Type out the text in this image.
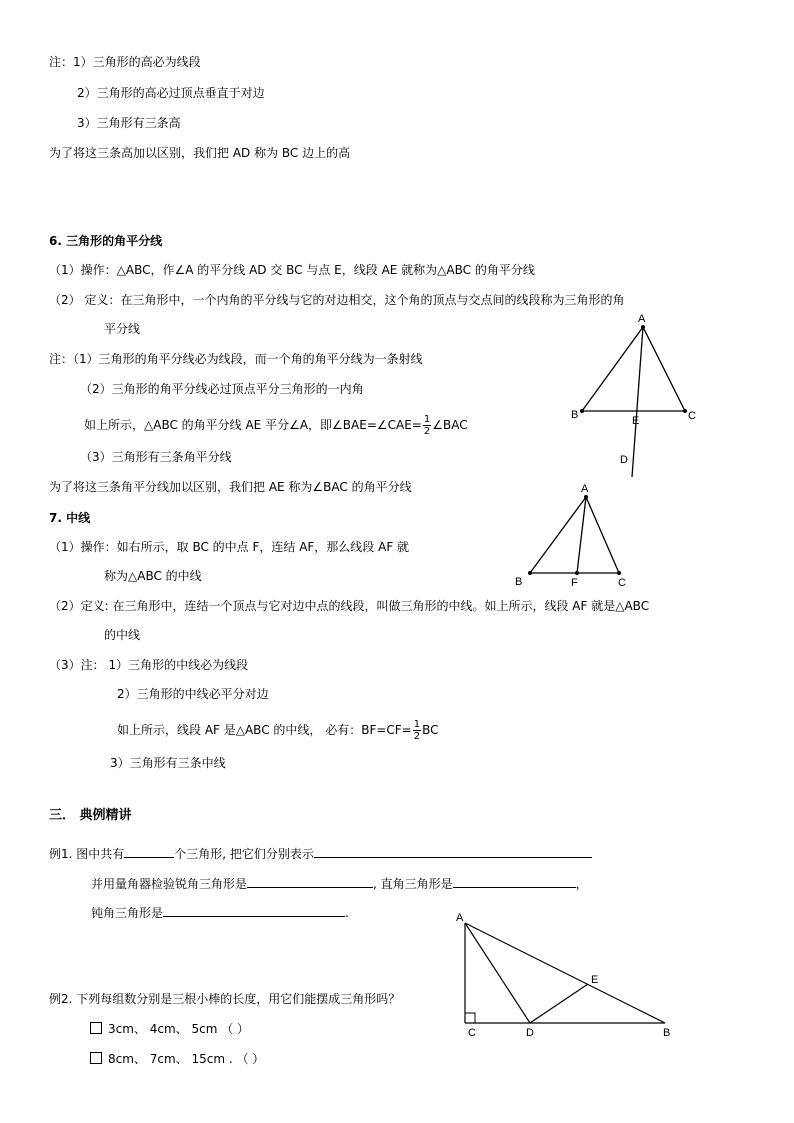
注：1）三角形的高必为线段
2）三角形的高必过顶点垂直于对边
3）三角形有三条高
为了将这三条高加以区别，我们把 AD 称为 BC 边上的高
6. 三角形的角平分线
（1）操作：△ABC，作∠A 的平分线 AD 交 BC 与点 E，线段 AE 就称为△ABC 的角平分线
（2） 定义：在三角形中，一个内角的平分线与它的对边相交，这个角的顶点与交点间的线段称为三角形的角
平分线
注：（1）三角形的角平分线必为线段，而一个角的角平分线为一条射线
（2）三角形的角平分线必过顶点平分三角形的一内角
如上所示，△ABC 的角平分线 AE 平分∠A，即∠BAE=∠CAE= $\frac{1}{2}$ ∠BAC
（3）三角形有三条角平分线
为了将这三条角平分线加以区别，我们把 AE 称为∠BAC 的角平分线
A
B	C
E
D
7. 中线
（1）操作：如右所示，取 BC 的中点 F，连结 AF，那么线段 AF 就
称为△ABC 的中线
（2）定义: 在三角形中，连结一个顶点与它对边中点的线段，叫做三角形的中线。如上所示，线段 AF 就是△ABC
的中线
（3）注： 1）三角形的中线必为线段
2）三角形的中线必平分对边
如上所示，线段 AF 是△ABC 的中线， 必有：$BF=CF= \frac{1}{2}$ BC
3）三角形有三条中线
A
B	F	C
三． 典例精讲
例1. 图中共有	个三角形, 把它们分别表示
并用量角器检验锐角三角形是	, 直角三角形是	，
钝角三角形是	.
例2. 下列每组数分别是三根小棒的长度，用它们能摆成三角形吗？
3cm、 4cm、 5cm （ ）
8cm、 7cm、 15cm . （ ）
A
C	D
E
B
